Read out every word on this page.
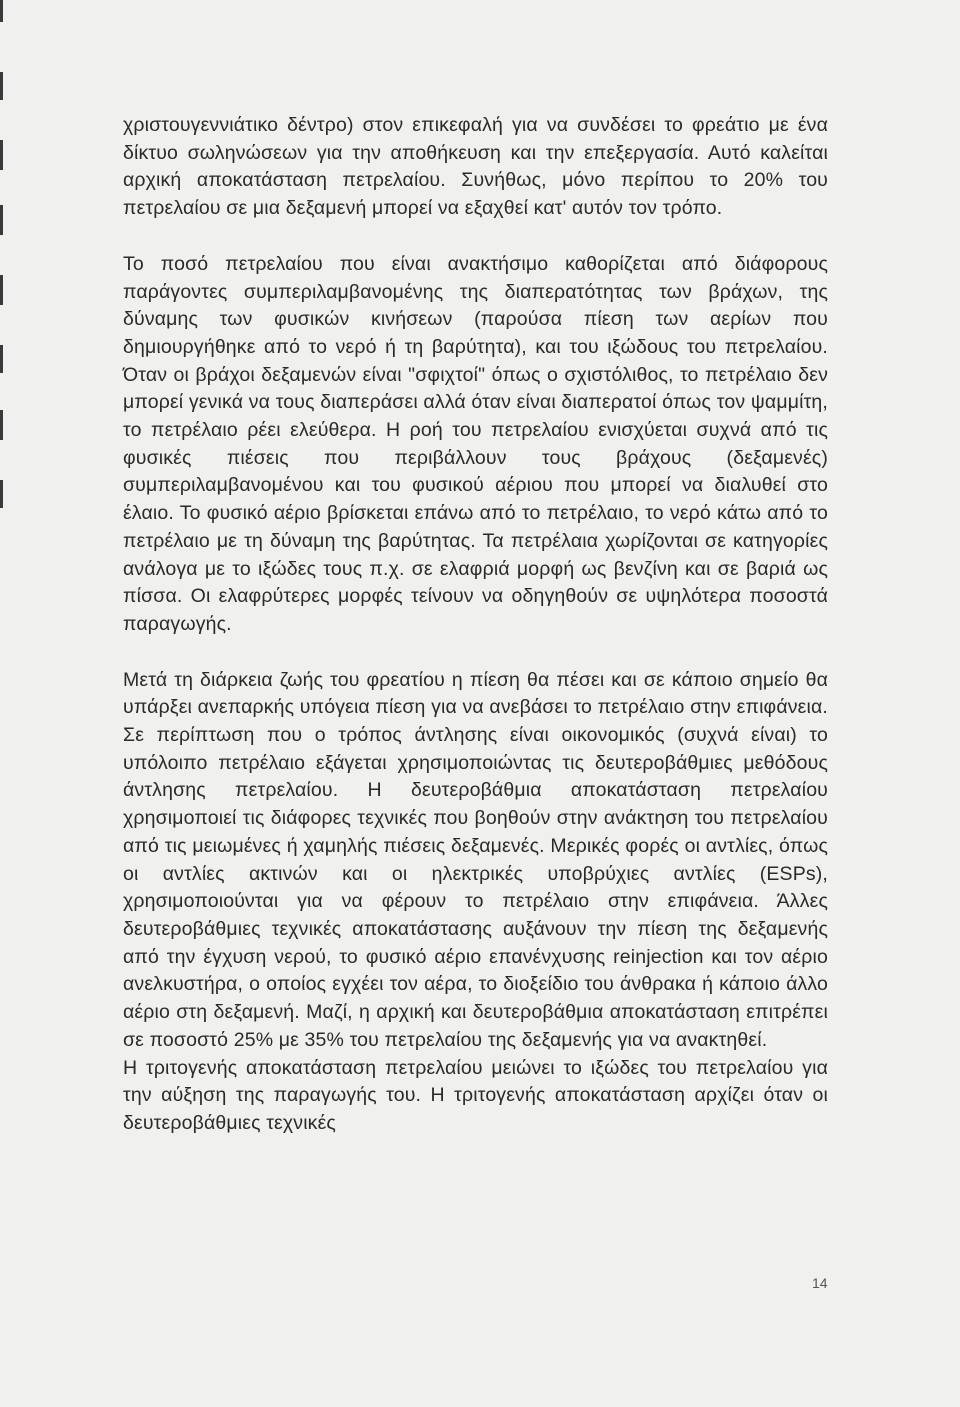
χριστουγεννιάτικο δέντρο) στον επικεφαλή για να συνδέσει το φρεάτιο με ένα δίκτυο σωληνώσεων για την αποθήκευση και την επεξεργασία. Αυτό καλείται αρχική αποκατάσταση πετρελαίου. Συνήθως, μόνο περίπου το 20% του πετρελαίου σε μια δεξαμενή μπορεί να εξαχθεί κατ' αυτόν τον τρόπο.

Το ποσό πετρελαίου που είναι ανακτήσιμο καθορίζεται από διάφορους παράγοντες συμπεριλαμβανομένης της διαπερατότητας των βράχων, της δύναμης των φυσικών κινήσεων (παρούσα πίεση των αερίων που δημιουργήθηκε από το νερό ή τη βαρύτητα), και του ιξώδους του πετρελαίου. Όταν οι βράχοι δεξαμενών είναι "σφιχτοί" όπως ο σχιστόλιθος, το πετρέλαιο δεν μπορεί γενικά να τους διαπεράσει αλλά όταν είναι διαπερατοί όπως τον ψαμμίτη, το πετρέλαιο ρέει ελεύθερα. Η ροή του πετρελαίου ενισχύεται συχνά από τις φυσικές πιέσεις που περιβάλλουν τους βράχους (δεξαμενές) συμπεριλαμβανομένου και του φυσικού αέριου που μπορεί να διαλυθεί στο έλαιο. Το φυσικό αέριο βρίσκεται επάνω από το πετρέλαιο, το νερό κάτω από το πετρέλαιο με τη δύναμη της βαρύτητας. Τα πετρέλαια χωρίζονται σε κατηγορίες ανάλογα με το ιξώδες τους π.χ. σε ελαφριά μορφή ως βενζίνη και σε βαριά ως πίσσα. Οι ελαφρύτερες μορφές τείνουν να οδηγηθούν σε υψηλότερα ποσοστά παραγωγής.

Μετά τη διάρκεια ζωής του φρεατίου η πίεση θα πέσει και σε κάποιο σημείο θα υπάρξει ανεπαρκής υπόγεια πίεση για να ανεβάσει το πετρέλαιο στην επιφάνεια. Σε περίπτωση που ο τρόπος άντλησης είναι οικονομικός (συχνά είναι) το υπόλοιπο πετρέλαιο εξάγεται χρησιμοποιώντας τις δευτεροβάθμιες μεθόδους άντλησης πετρελαίου. Η δευτεροβάθμια αποκατάσταση πετρελαίου χρησιμοποιεί τις διάφορες τεχνικές που βοηθούν στην ανάκτηση του πετρελαίου από τις μειωμένες ή χαμηλής πιέσεις δεξαμενές. Μερικές φορές οι αντλίες, όπως οι αντλίες ακτινών και οι ηλεκτρικές υποβρύχιες αντλίες (ESPs), χρησιμοποιούνται για να φέρουν το πετρέλαιο στην επιφάνεια. Άλλες δευτεροβάθμιες τεχνικές αποκατάστασης αυξάνουν την πίεση της δεξαμενής από την έγχυση νερού, το φυσικό αέριο επανένχυσης reinjection και τον αέριο ανελκυστήρα, ο οποίος εγχέει τον αέρα, το διοξείδιο του άνθρακα ή κάποιο άλλο αέριο στη δεξαμενή. Μαζί, η αρχική και δευτεροβάθμια αποκατάσταση επιτρέπει σε ποσοστό 25% με 35% του πετρελαίου της δεξαμενής για να ανακτηθεί.

Η τριτογενής αποκατάσταση πετρελαίου μειώνει το ιξώδες του πετρελαίου για την αύξηση της παραγωγής του. Η τριτογενής αποκατάσταση αρχίζει όταν οι δευτεροβάθμιες τεχνικές

14
